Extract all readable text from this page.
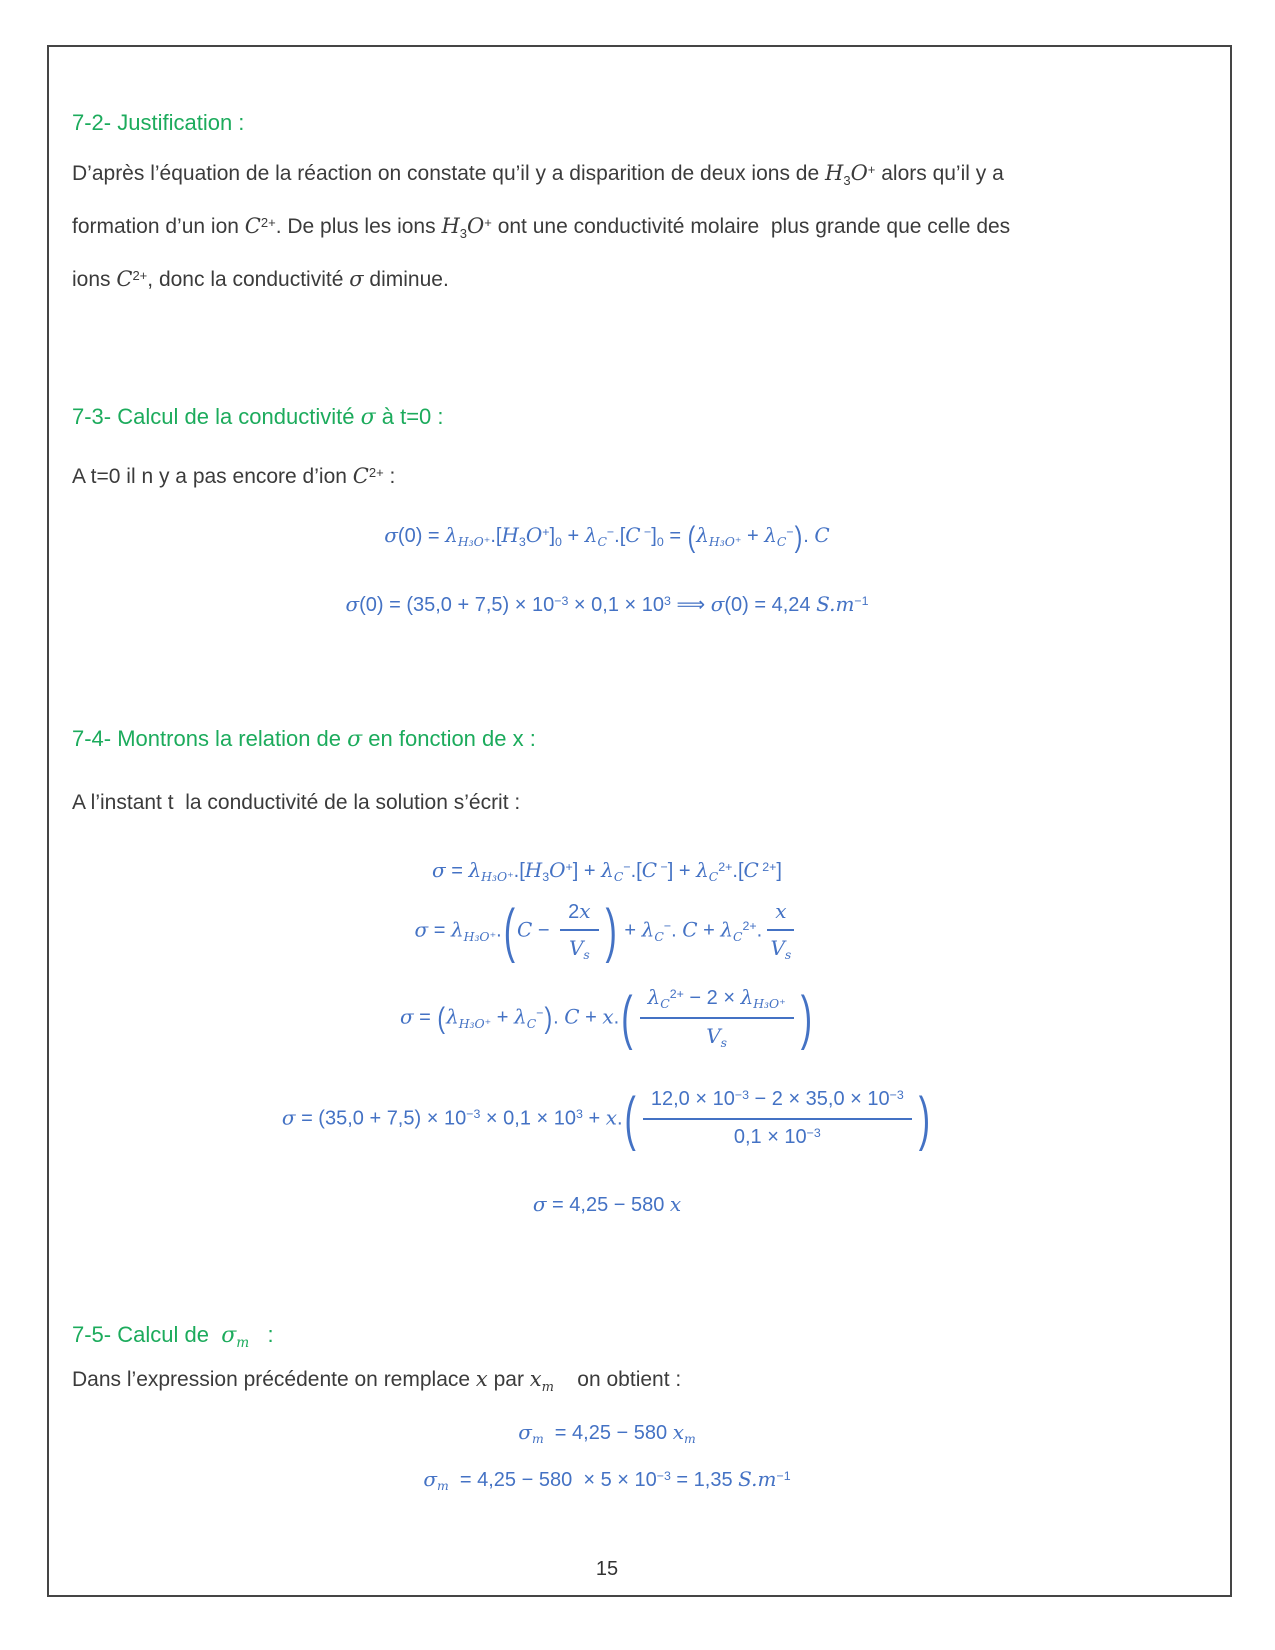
7-2- Justification :
D’après l’équation de la réaction on constate qu’il y a disparition de deux ions de $H_3O^+$ alors qu’il y a
formation d’un ion $C^{2+}$. De plus les ions $H_3O^+$ ont une conductivité molaire  plus grande que celle des
ions $C^{2+}$, donc la conductivité σ diminue.
7-3- Calcul de la conductivité σ à t=0 :
A t=0 il n y a pas encore d’ion $C^{2+}$ :
$\sigma(0) = \lambda_{H_3O^+}.[H_3O^+]_0 + \lambda_C^-.[C$ $^-]_0 = (\lambda_{H_3O^+} + \lambda_C^-)$. C
$\sigma(0) = (35,0 + 7,5) \times 10^{-3} \times 0,1 \times 10^3$ ⟹ σ(0) = 4,24 $S.m^{-1}$
7-4- Montrons la relation de σ en fonction de x :
A l’instant t  la conductivité de la solution s’écrit :
$\sigma = \lambda_{H_3O^+}.[H_3O^+] + \lambda_C^-.[C$ $^-] + \lambda_C^{2+}.[C$ $^{2+}$]
$\sigma = \lambda_{H_3O^+}$.( $C - \frac{2x}{V_s}$ ) + $\lambda_C^-$. $C + \lambda_C^{2+}$. $\frac{x}{V_s}$
$\sigma = (\lambda_{H_3O^+} + \lambda_C^-)$. $C + x.( \frac{\lambda_C^{2+} - 2 \times \lambda_{H_3O^+}}{V_s}$ )
$\sigma = (35,0 + 7,5) \times 10^{-3} \times 0,1 \times 10^3 + x.( \frac{12,0 \times 10^{-3} - 2 \times 35,0 \times 10^{-3}}{0,1 \times 10^{-3}}$ )
σ = 4,25 − 580 x
7-5- Calcul de  $\sigma_m$   :
Dans l’expression précédente on remplace x par $x_m$    on obtient :
$\sigma_m = 4,25 - 580$ $x_m$
$\sigma_m = 4,25 - 580 \times 5 \times 10^{-3} = 1,35$ $S.m^{-1}$
15
